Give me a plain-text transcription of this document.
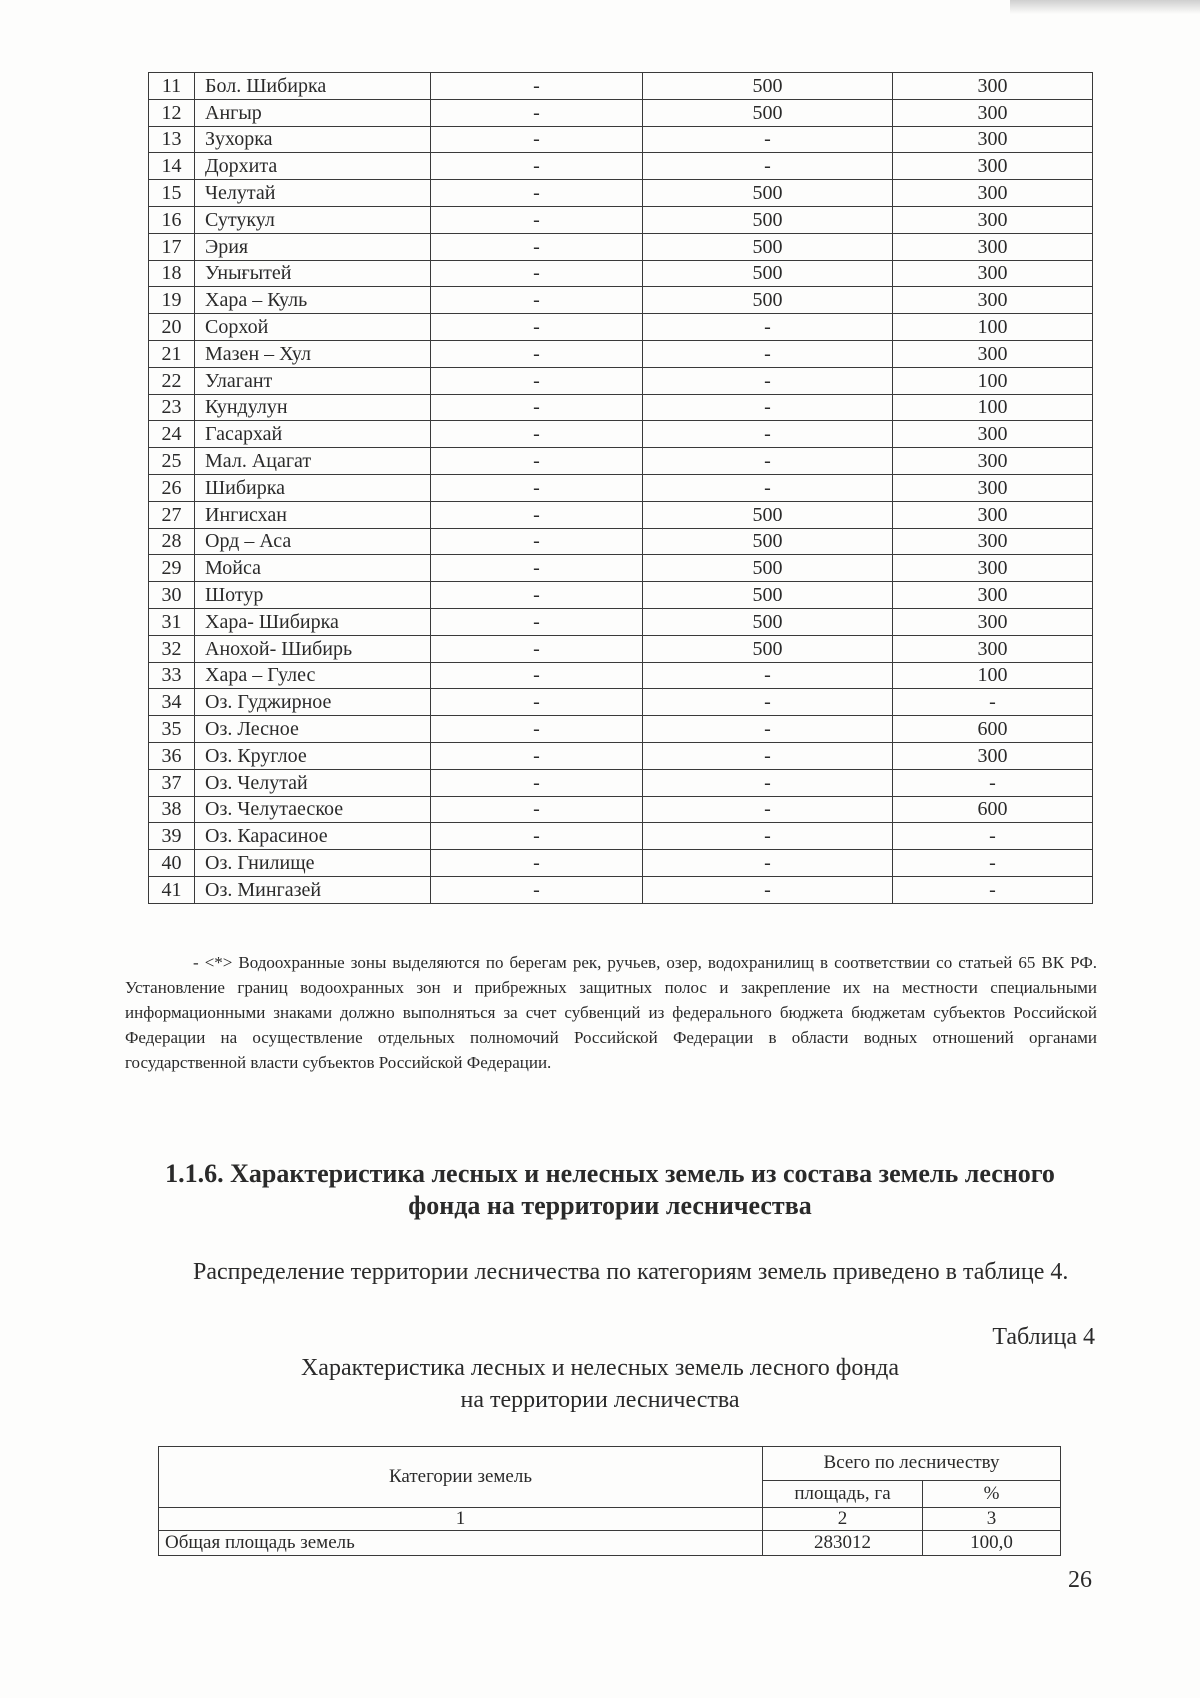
11	Бол. Шибирка	-	500	300
12	Ангыр	-	500	300
13	Зухорка	-	-	300
14	Дорхита	-	-	300
15	Челутай	-	500	300
16	Сутукул	-	500	300
17	Эрия	-	500	300
18	Унығытей	-	500	300
19	Хара – Куль	-	500	300
20	Сорхой	-	-	100
21	Мазен – Хул	-	-	300
22	Улагант	-	-	100
23	Кундулун	-	-	100
24	Гасархай	-	-	300
25	Мал. Ацагат	-	-	300
26	Шибирка	-	-	300
27	Ингисхан	-	500	300
28	Орд – Аса	-	500	300
29	Мойса	-	500	300
30	Шотур	-	500	300
31	Хара- Шибирка	-	500	300
32	Анохой- Шибирь	-	500	300
33	Хара – Гулес	-	-	100
34	Оз. Гуджирное	-	-	-
35	Оз. Лесное	-	-	600
36	Оз. Круглое	-	-	300
37	Оз. Челутай	-	-	-
38	Оз. Челутаеское	-	-	600
39	Оз. Карасиное	-	-	-
40	Оз. Гнилище	-	-	-
41	Оз. Мингазей	-	-	-

- <*> Водоохранные зоны выделяются по берегам рек, ручьев, озер, водохранилищ в соответствии со статьей 65 ВК РФ. Установление границ водоохранных зон и прибрежных защитных полос и закрепление их на местности специальными информационными знаками должно выполняться за счет субвенций из федерального бюджета бюджетам субъектов Российской Федерации на осуществление отдельных полномочий Российской Федерации в области водных отношений органами государственной власти субъектов Российской Федерации.

1.1.6. Характеристика лесных и нелесных земель из состава земель лесного
фонда на территории лесничества

Распределение территории лесничества по категориям земель приведено в таблице 4.

Таблица 4
Характеристика лесных и нелесных земель лесного фонда
на территории лесничества
Категории земель	Всего по лесничеству	
	площадь, га	%
1	2	3
Общая площадь земель	283012	100,0
26
